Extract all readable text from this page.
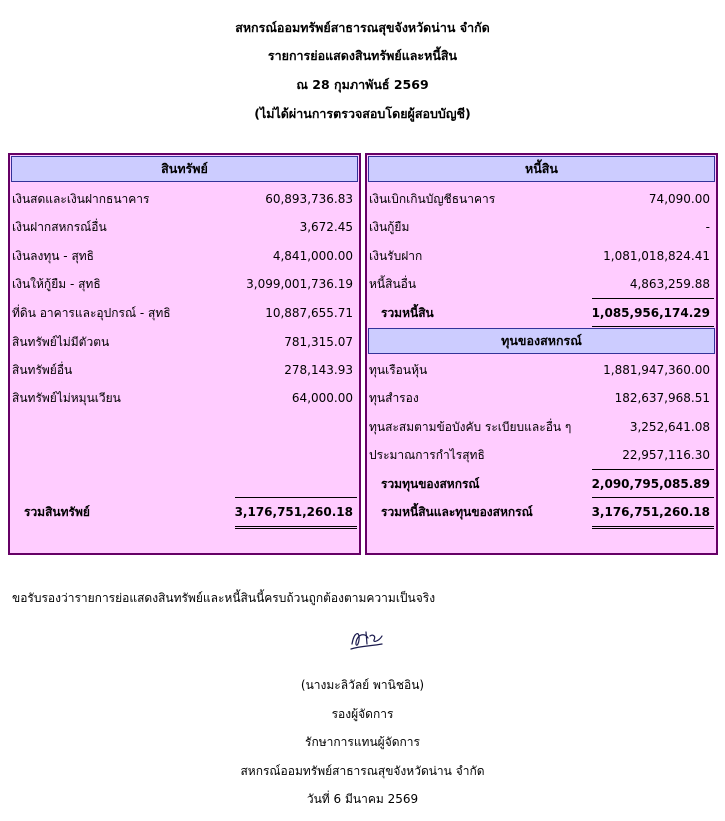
สหกรณ์ออมทรัพย์สาธารณสุขจังหวัดน่าน จำกัด
รายการย่อแสดงสินทรัพย์และหนี้สิน
ณ 28 กุมภาพันธ์ 2569
(ไม่ได้ผ่านการตรวจสอบโดยผู้สอบบัญชี)
สินทรัพย์
เงินสดและเงินฝากธนาคาร	60,893,736.83
เงินฝากสหกรณ์อื่น	3,672.45
เงินลงทุน - สุทธิ	4,841,000.00
เงินให้กู้ยืม - สุทธิ	3,099,001,736.19
ที่ดิน อาคารและอุปกรณ์ - สุทธิ	10,887,655.71
สินทรัพย์ไม่มีตัวตน	781,315.07
สินทรัพย์อื่น	278,143.93
สินทรัพย์ไม่หมุนเวียน	64,000.00
รวมสินทรัพย์	3,176,751,260.18
หนี้สิน
เงินเบิกเกินบัญชีธนาคาร	74,090.00
เงินกู้ยืม	-
เงินรับฝาก	1,081,018,824.41
หนี้สินอื่น	4,863,259.88
รวมหนี้สิน	1,085,956,174.29
ทุนของสหกรณ์
ทุนเรือนหุ้น	1,881,947,360.00
ทุนสำรอง	182,637,968.51
ทุนสะสมตามข้อบังคับ ระเบียบและอื่น ๆ	3,252,641.08
ประมาณการกำไรสุทธิ	22,957,116.30
รวมทุนของสหกรณ์	2,090,795,085.89
รวมหนี้สินและทุนของสหกรณ์	3,176,751,260.18
ขอรับรองว่ารายการย่อแสดงสินทรัพย์และหนี้สินนี้ครบถ้วนถูกต้องตามความเป็นจริง
(นางมะลิวัลย์ พานิชอิน)
รองผู้จัดการ
รักษาการแทนผู้จัดการ
สหกรณ์ออมทรัพย์สาธารณสุขจังหวัดน่าน จำกัด
วันที่ 6 มีนาคม 2569
